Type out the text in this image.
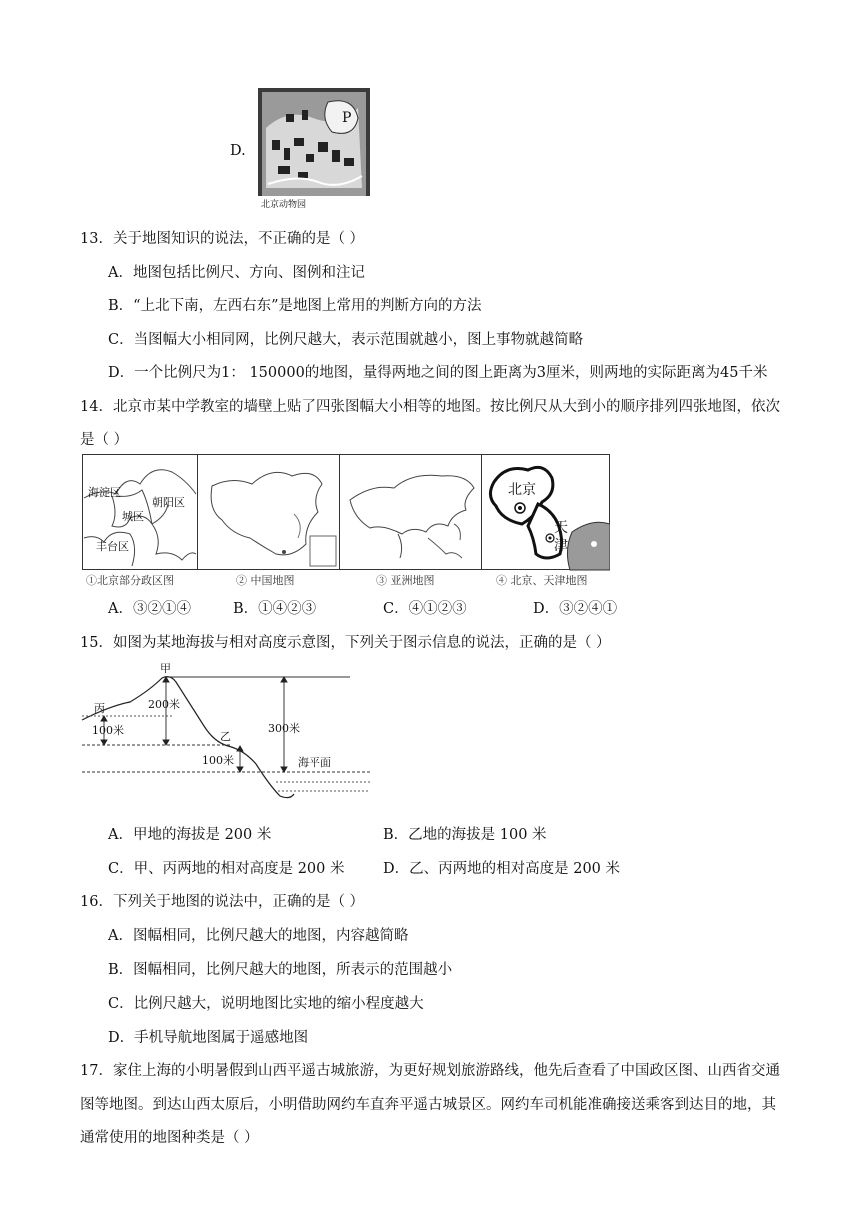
D.
P
北京动物园
13．关于地图知识的说法，不正确的是（ ）
A．地图包括比例尺、方向、图例和注记
B．“上北下南，左西右东”是地图上常用的判断方向的方法
C．当图幅大小相同网，比例尺越大，表示范围就越小，图上事物就越简略
D．一个比例尺为1： 150000的地图，量得两地之间的图上距离为3厘米，则两地的实际距离为45千米
14．北京市某中学教室的墙壁上贴了四张图幅大小相等的地图。按比例尺从大到小的顺序排列四张地图，依次
是（ ）
海淀区
朝阳区
城区
丰台区
北京
天
津
①北京部分政区图	② 中国地图	③ 亚洲地图	④ 北京、天津地图
A．③②①④	B．①④②③	C．④①②③	D．③②④①
15．如图为某地海拔与相对高度示意图，下列关于图示信息的说法，正确的是（ ）
甲
乙
丙	200米
100米	300米
100米	海平面
A．甲地的海拔是 200 米	B．乙地的海拔是 100 米
C．甲、丙两地的相对高度是 200 米	D．乙、丙两地的相对高度是 200 米
16．下列关于地图的说法中，正确的是（ ）
A．图幅相同，比例尺越大的地图，内容越简略
B．图幅相同，比例尺越大的地图，所表示的范围越小
C．比例尺越大，说明地图比实地的缩小程度越大
D．手机导航地图属于遥感地图
17．家住上海的小明暑假到山西平遥古城旅游，为更好规划旅游路线，他先后查看了中国政区图、山西省交通
图等地图。到达山西太原后，小明借助网约车直奔平遥古城景区。网约车司机能准确接送乘客到达目的地，其
通常使用的地图种类是（ ）
